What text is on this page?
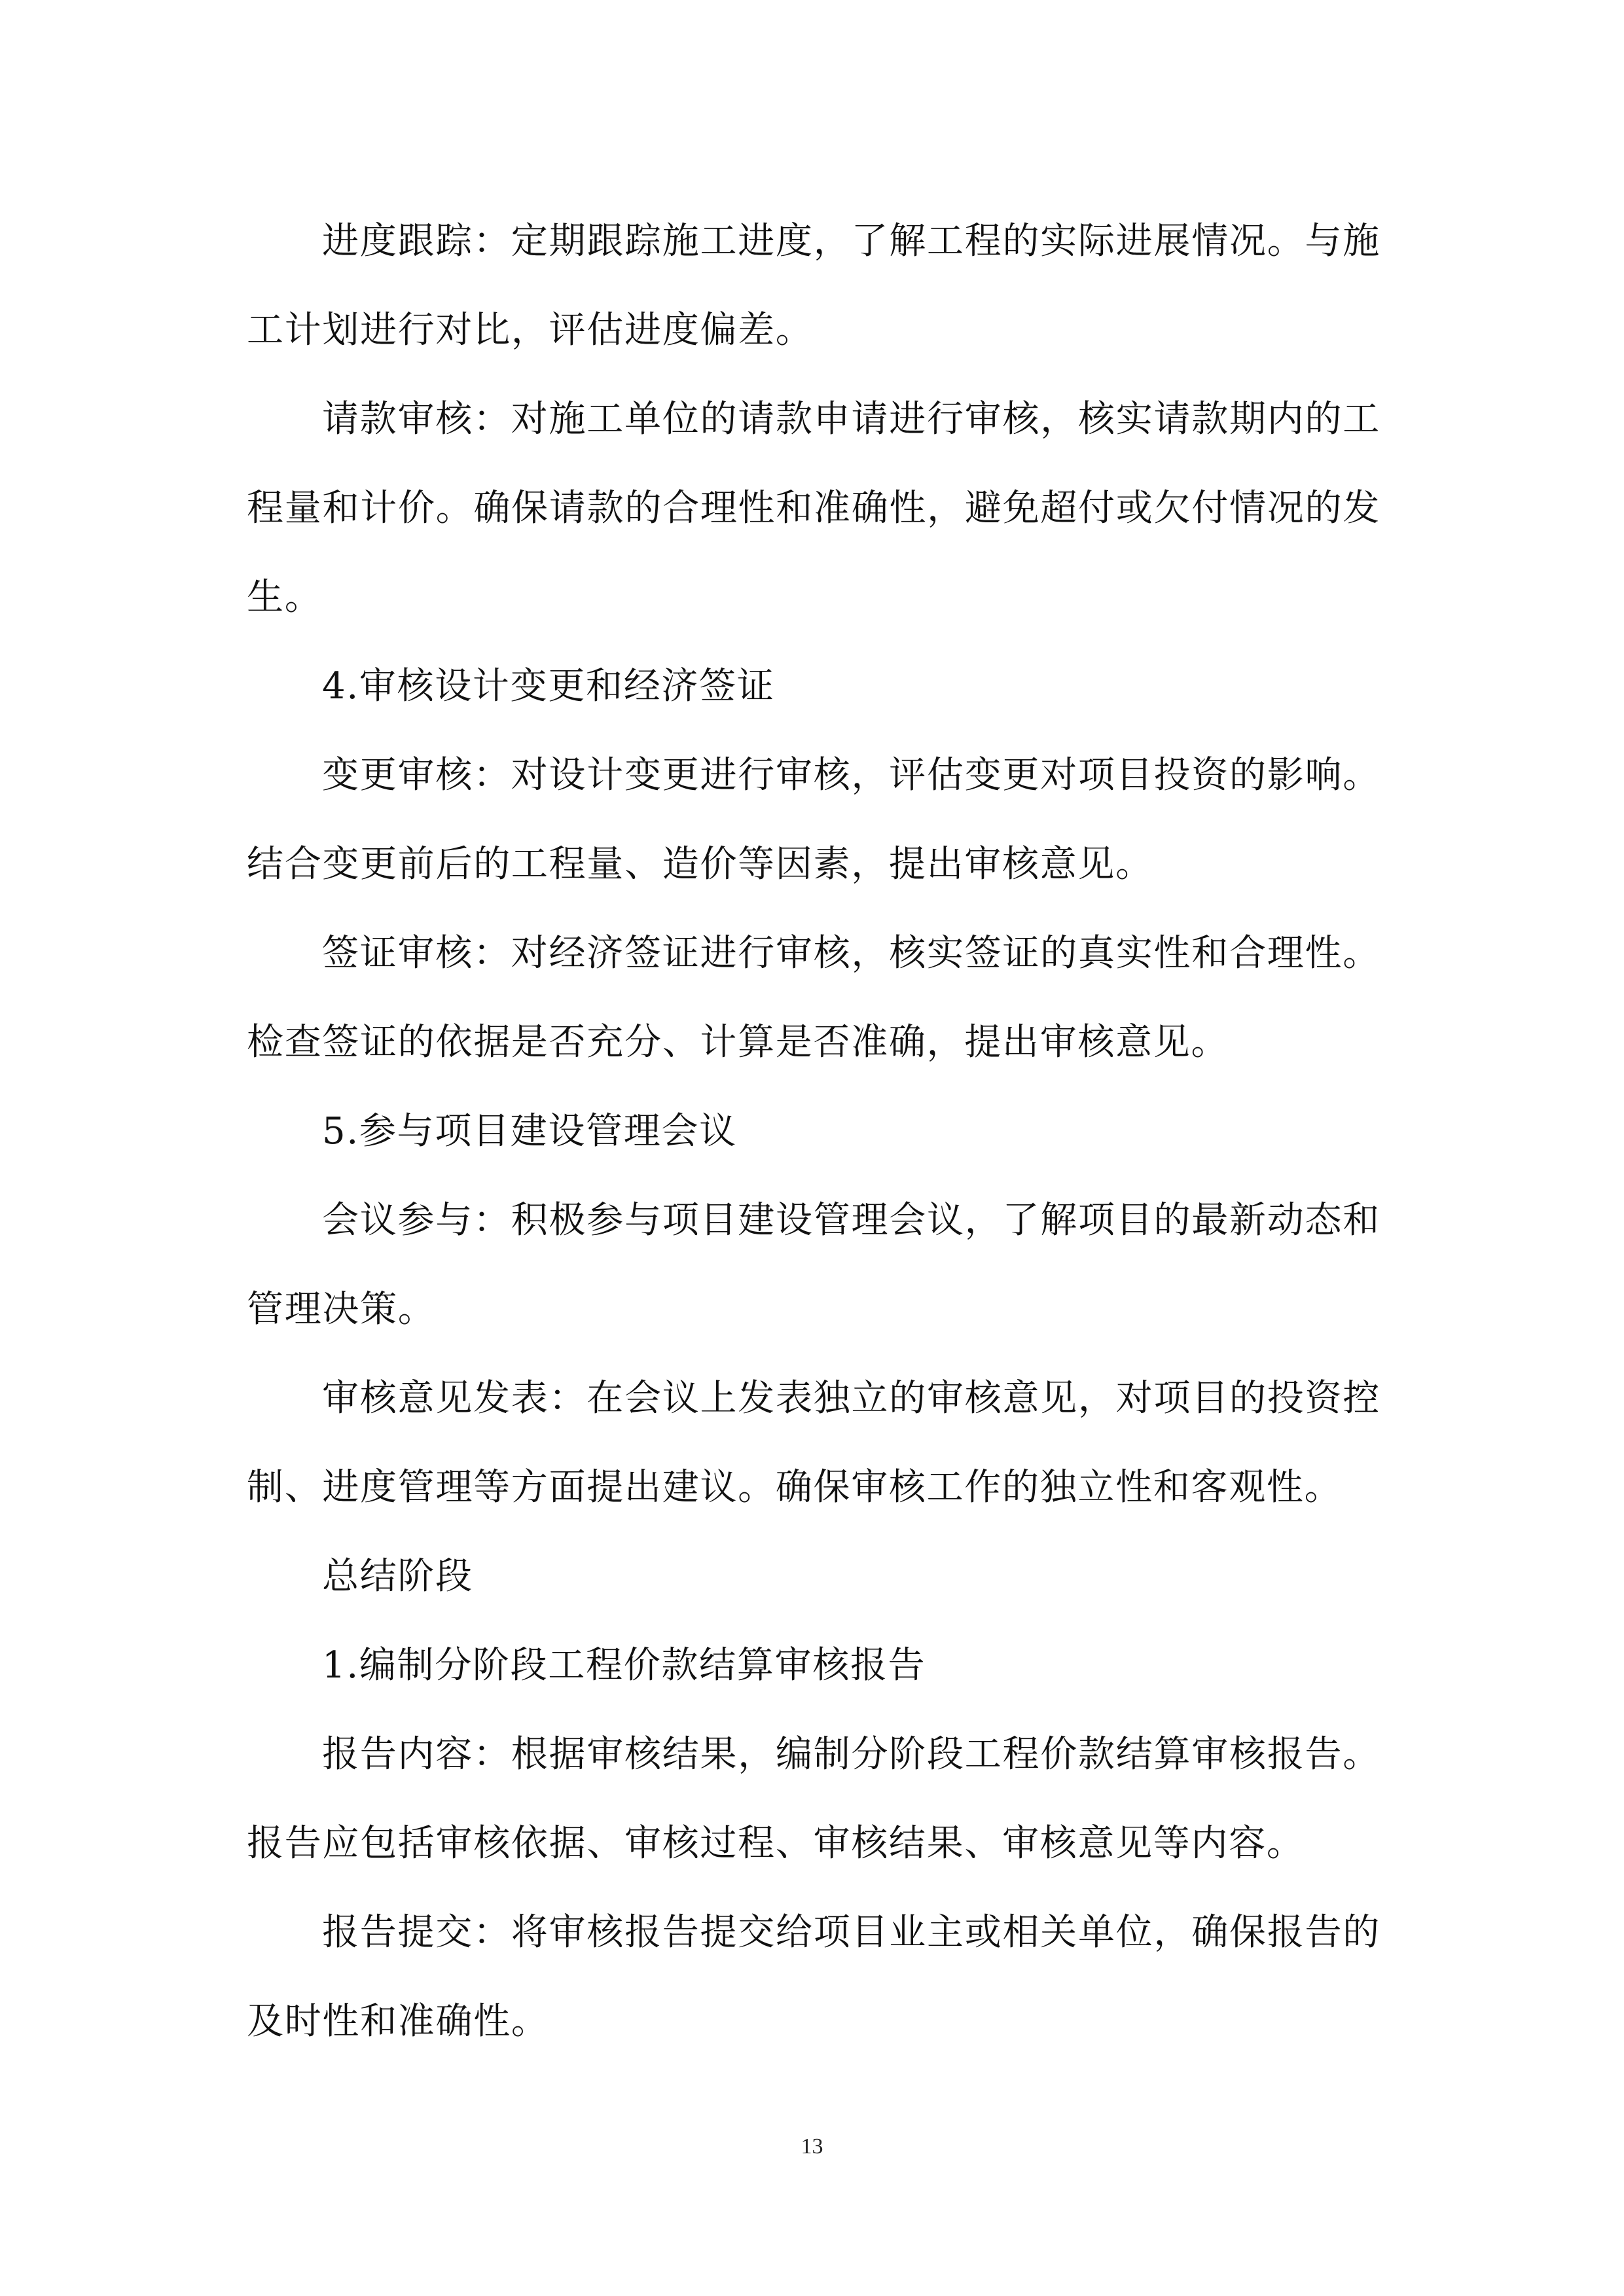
进度跟踪：定期跟踪施工进度，了解工程的实际进展情况。与施工计划进行对比，评估进度偏差。

请款审核：对施工单位的请款申请进行审核，核实请款期内的工程量和计价。确保请款的合理性和准确性，避免超付或欠付情况的发生。

4.审核设计变更和经济签证

变更审核：对设计变更进行审核，评估变更对项目投资的影响。结合变更前后的工程量、造价等因素，提出审核意见。

签证审核：对经济签证进行审核，核实签证的真实性和合理性。检查签证的依据是否充分、计算是否准确，提出审核意见。

5.参与项目建设管理会议

会议参与：积极参与项目建设管理会议，了解项目的最新动态和管理决策。

审核意见发表：在会议上发表独立的审核意见，对项目的投资控制、进度管理等方面提出建议。确保审核工作的独立性和客观性。

总结阶段

1.编制分阶段工程价款结算审核报告

报告内容：根据审核结果，编制分阶段工程价款结算审核报告。报告应包括审核依据、审核过程、审核结果、审核意见等内容。

报告提交：将审核报告提交给项目业主或相关单位，确保报告的及时性和准确性。

13
